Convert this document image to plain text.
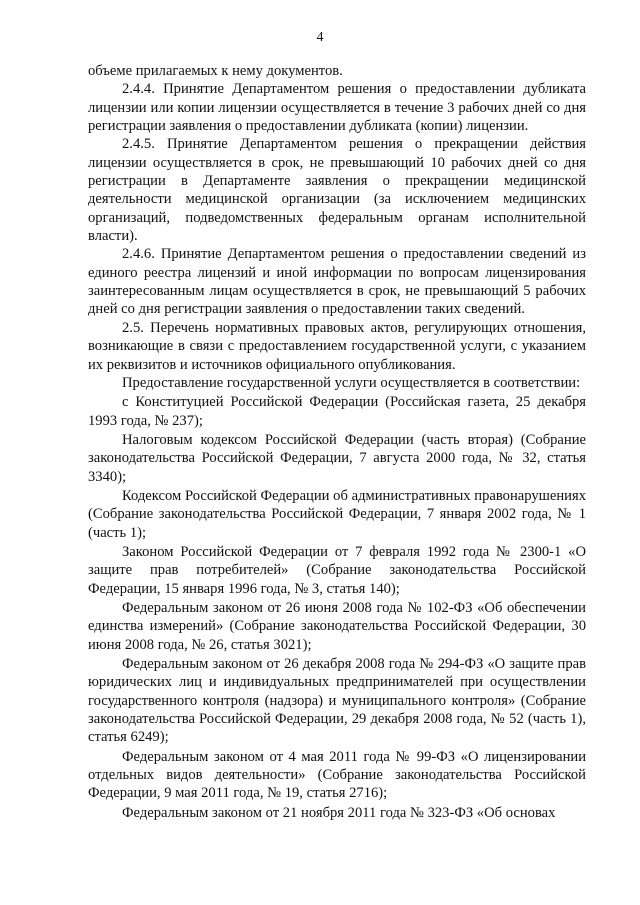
4

объеме прилагаемых к нему документов.

2.4.4. Принятие Департаментом решения о предоставлении дубликата лицензии или копии лицензии осуществляется в течение 3 рабочих дней со дня регистрации заявления о предоставлении дубликата (копии) лицензии.

2.4.5. Принятие Департаментом решения о прекращении действия лицензии осуществляется в срок, не превышающий 10 рабочих дней со дня регистрации в Департаменте заявления о прекращении медицинской деятельности медицинской организации (за исключением медицинских организаций, подведомственных федеральным органам исполнительной власти).

2.4.6. Принятие Департаментом решения о предоставлении сведений из единого реестра лицензий и иной информации по вопросам лицензирования заинтересованным лицам осуществляется в срок, не превышающий 5 рабочих дней со дня регистрации заявления о предоставлении таких сведений.

2.5. Перечень нормативных правовых актов, регулирующих отношения, возникающие в связи с предоставлением государственной услуги, с указанием их реквизитов и источников официального опубликования.

Предоставление государственной услуги осуществляется в соответствии:

с Конституцией Российской Федерации (Российская газета, 25 декабря 1993 года, № 237);

Налоговым кодексом Российской Федерации (часть вторая) (Собрание законодательства Российской Федерации, 7 августа 2000 года, № 32, статья 3340);

Кодексом Российской Федерации об административных правонарушениях (Собрание законодательства Российской Федерации, 7 января 2002 года, № 1 (часть 1);

Законом Российской Федерации от 7 февраля 1992 года № 2300-1 «О защите прав потребителей» (Собрание законодательства Российской Федерации, 15 января 1996 года, № 3, статья 140);

Федеральным законом от 26 июня 2008 года № 102-ФЗ «Об обеспечении единства измерений» (Собрание законодательства Российской Федерации, 30 июня 2008 года, № 26, статья 3021);

Федеральным законом от 26 декабря 2008 года № 294-ФЗ «О защите прав юридических лиц и индивидуальных предпринимателей при осуществлении государственного контроля (надзора) и муниципального контроля» (Собрание законодательства Российской Федерации, 29 декабря 2008 года, № 52 (часть 1), статья 6249);

Федеральным законом от 4 мая 2011 года № 99-ФЗ «О лицензировании отдельных видов деятельности» (Собрание законодательства Российской Федерации, 9 мая 2011 года, № 19, статья 2716);

Федеральным законом от 21 ноября 2011 года № 323-ФЗ «Об основах
